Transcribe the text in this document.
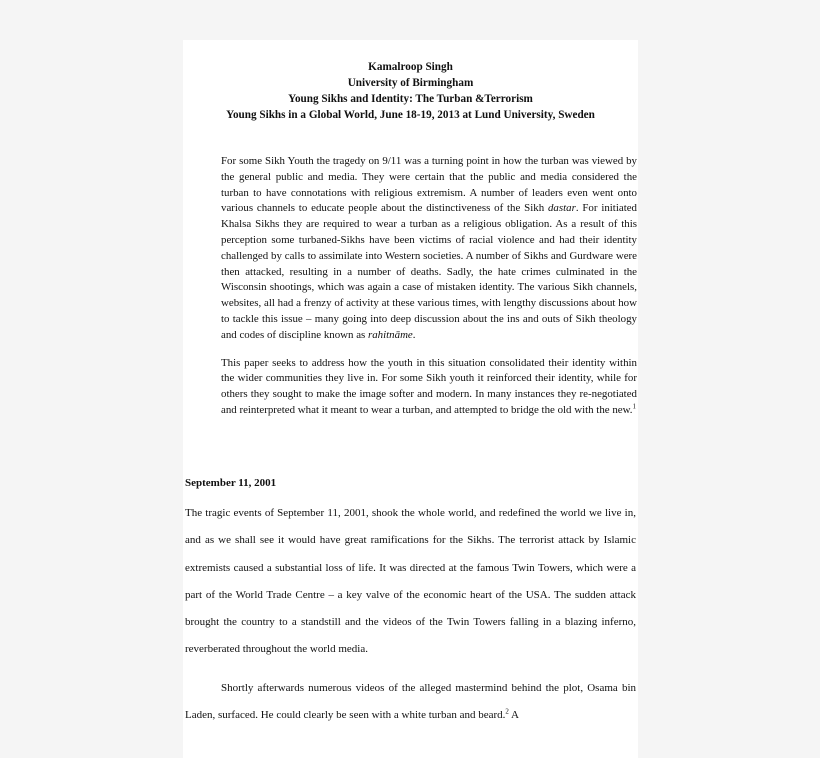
Kamalroop Singh
University of Birmingham
Young Sikhs and Identity: The Turban &Terrorism
Young Sikhs in a Global World, June 18-19, 2013 at Lund University, Sweden

For some Sikh Youth the tragedy on 9/11 was a turning point in how the turban was viewed by the general public and media. They were certain that the public and media considered the turban to have connotations with religious extremism. A number of leaders even went onto various channels to educate people about the distinctiveness of the Sikh dastar. For initiated Khalsa Sikhs they are required to wear a turban as a religious obligation. As a result of this perception some turbaned-Sikhs have been victims of racial violence and had their identity challenged by calls to assimilate into Western societies. A number of Sikhs and Gurdware were then attacked, resulting in a number of deaths. Sadly, the hate crimes culminated in the Wisconsin shootings, which was again a case of mistaken identity. The various Sikh channels, websites, all had a frenzy of activity at these various times, with lengthy discussions about how to tackle this issue – many going into deep discussion about the ins and outs of Sikh theology and codes of discipline known as rahitnāme.

This paper seeks to address how the youth in this situation consolidated their identity within the wider communities they live in. For some Sikh youth it reinforced their identity, while for others they sought to make the image softer and modern. In many instances they re-negotiated and reinterpreted what it meant to wear a turban, and attempted to bridge the old with the new.$^1$

September 11, 2001

The tragic events of September 11, 2001, shook the whole world, and redefined the world we live in, and as we shall see it would have great ramifications for the Sikhs. The terrorist attack by Islamic extremists caused a substantial loss of life. It was directed at the famous Twin Towers, which were a part of the World Trade Centre – a key valve of the economic heart of the USA. The sudden attack brought the country to a standstill and the videos of the Twin Towers falling in a blazing inferno, reverberated throughout the world media.

Shortly afterwards numerous videos of the alleged mastermind behind the plot, Osama bin Laden, surfaced. He could clearly be seen with a white turban and beard.$^2$ A
